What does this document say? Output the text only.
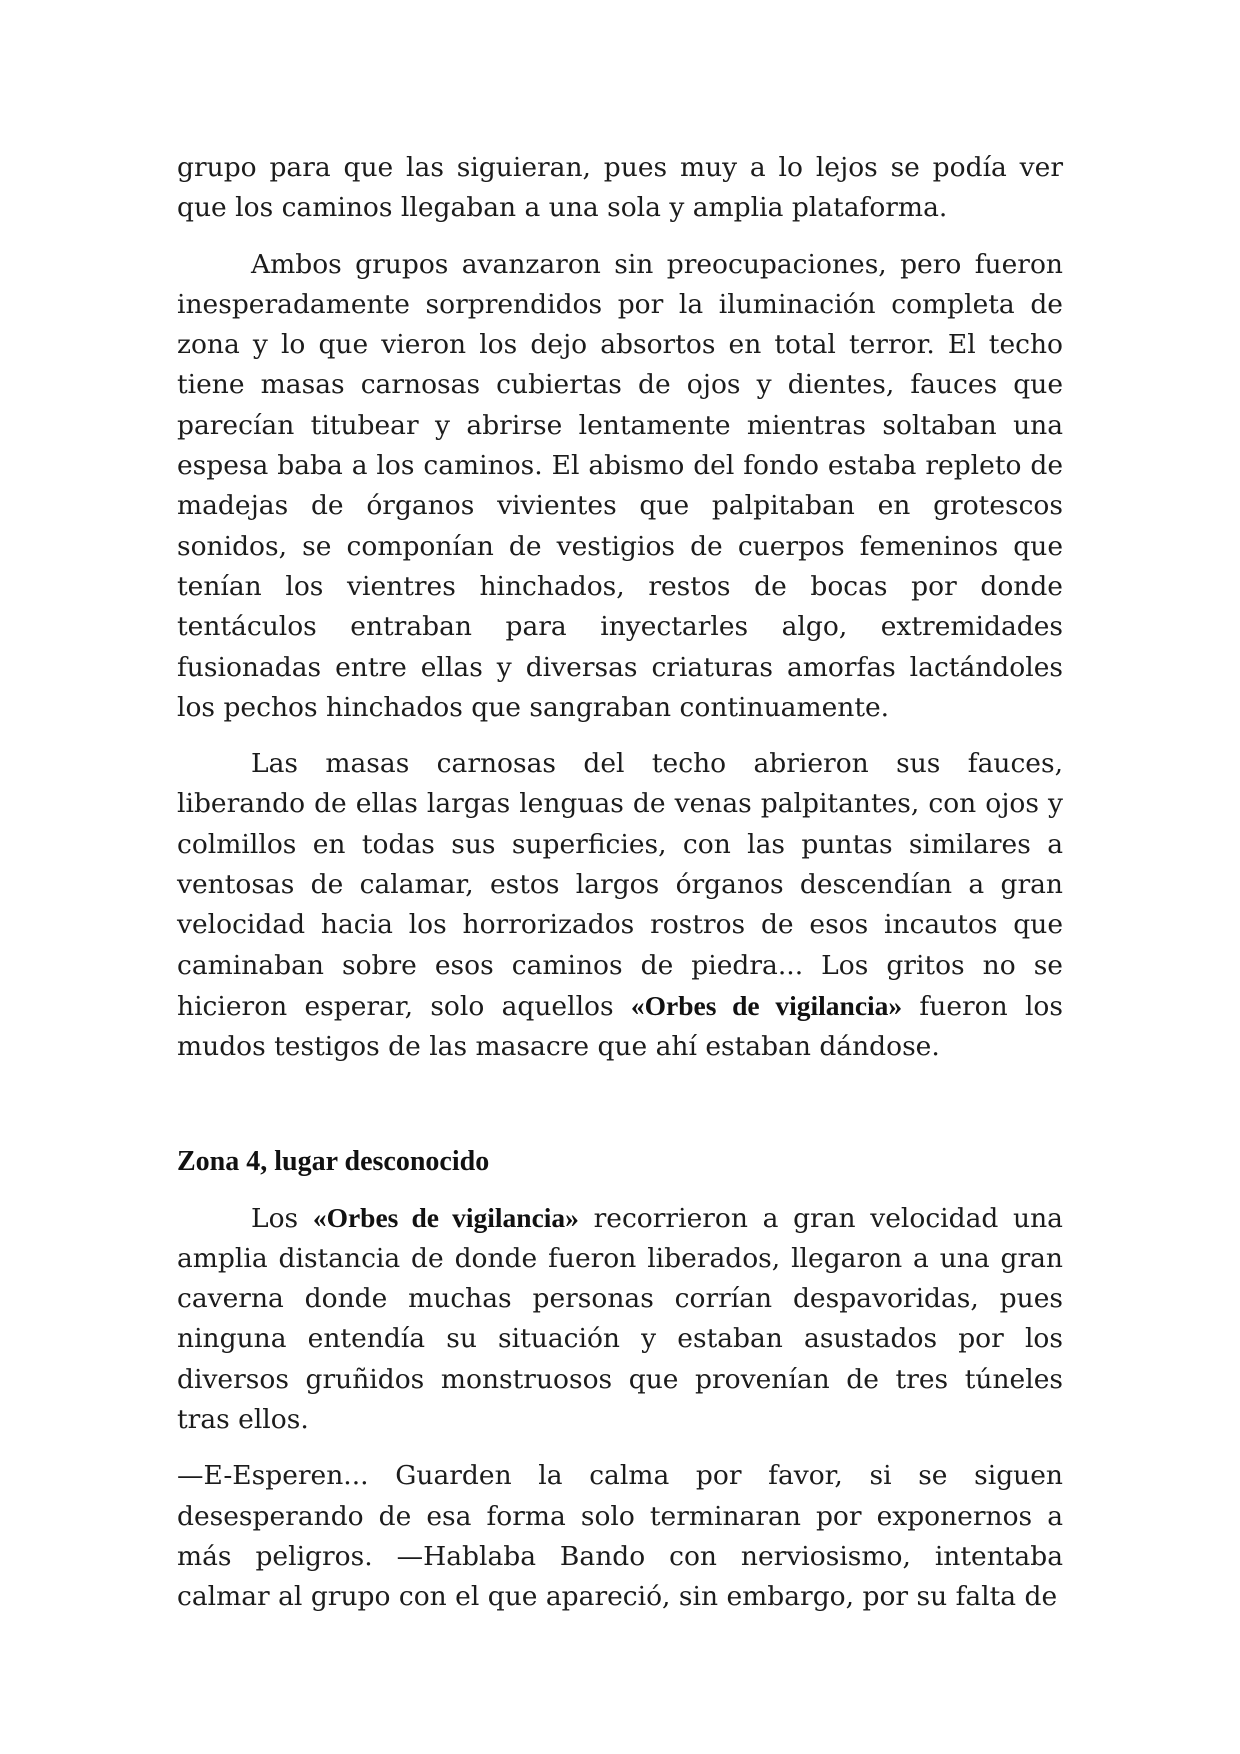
grupo para que las siguieran, pues muy a lo lejos se podía ver que los caminos llegaban a una sola y amplia plataforma.

Ambos grupos avanzaron sin preocupaciones, pero fueron inesperadamente sorprendidos por la iluminación completa de zona y lo que vieron los dejo absortos en total terror. El techo tiene masas carnosas cubiertas de ojos y dientes, fauces que parecían titubear y abrirse lentamente mientras soltaban una espesa baba a los caminos. El abismo del fondo estaba repleto de madejas de órganos vivientes que palpitaban en grotescos sonidos, se componían de vestigios de cuerpos femeninos que tenían los vientres hinchados, restos de bocas por donde tentáculos entraban para inyectarles algo, extremidades fusionadas entre ellas y diversas criaturas amorfas lactándoles los pechos hinchados que sangraban continuamente.

Las masas carnosas del techo abrieron sus fauces, liberando de ellas largas lenguas de venas palpitantes, con ojos y colmillos en todas sus superficies, con las puntas similares a ventosas de calamar, estos largos órganos descendían a gran velocidad hacia los horrorizados rostros de esos incautos que caminaban sobre esos caminos de piedra... Los gritos no se hicieron esperar, solo aquellos «Orbes de vigilancia» fueron los mudos testigos de las masacre que ahí estaban dándose.

Zona 4, lugar desconocido

Los «Orbes de vigilancia» recorrieron a gran velocidad una amplia distancia de donde fueron liberados, llegaron a una gran caverna donde muchas personas corrían despavoridas, pues ninguna entendía su situación y estaban asustados por los diversos gruñidos monstruosos que provenían de tres túneles tras ellos.

—E-Esperen... Guarden la calma por favor, si se siguen desesperando de esa forma solo terminaran por exponernos a más peligros. —Hablaba Bando con nerviosismo, intentaba calmar al grupo con el que apareció, sin embargo, por su falta de
